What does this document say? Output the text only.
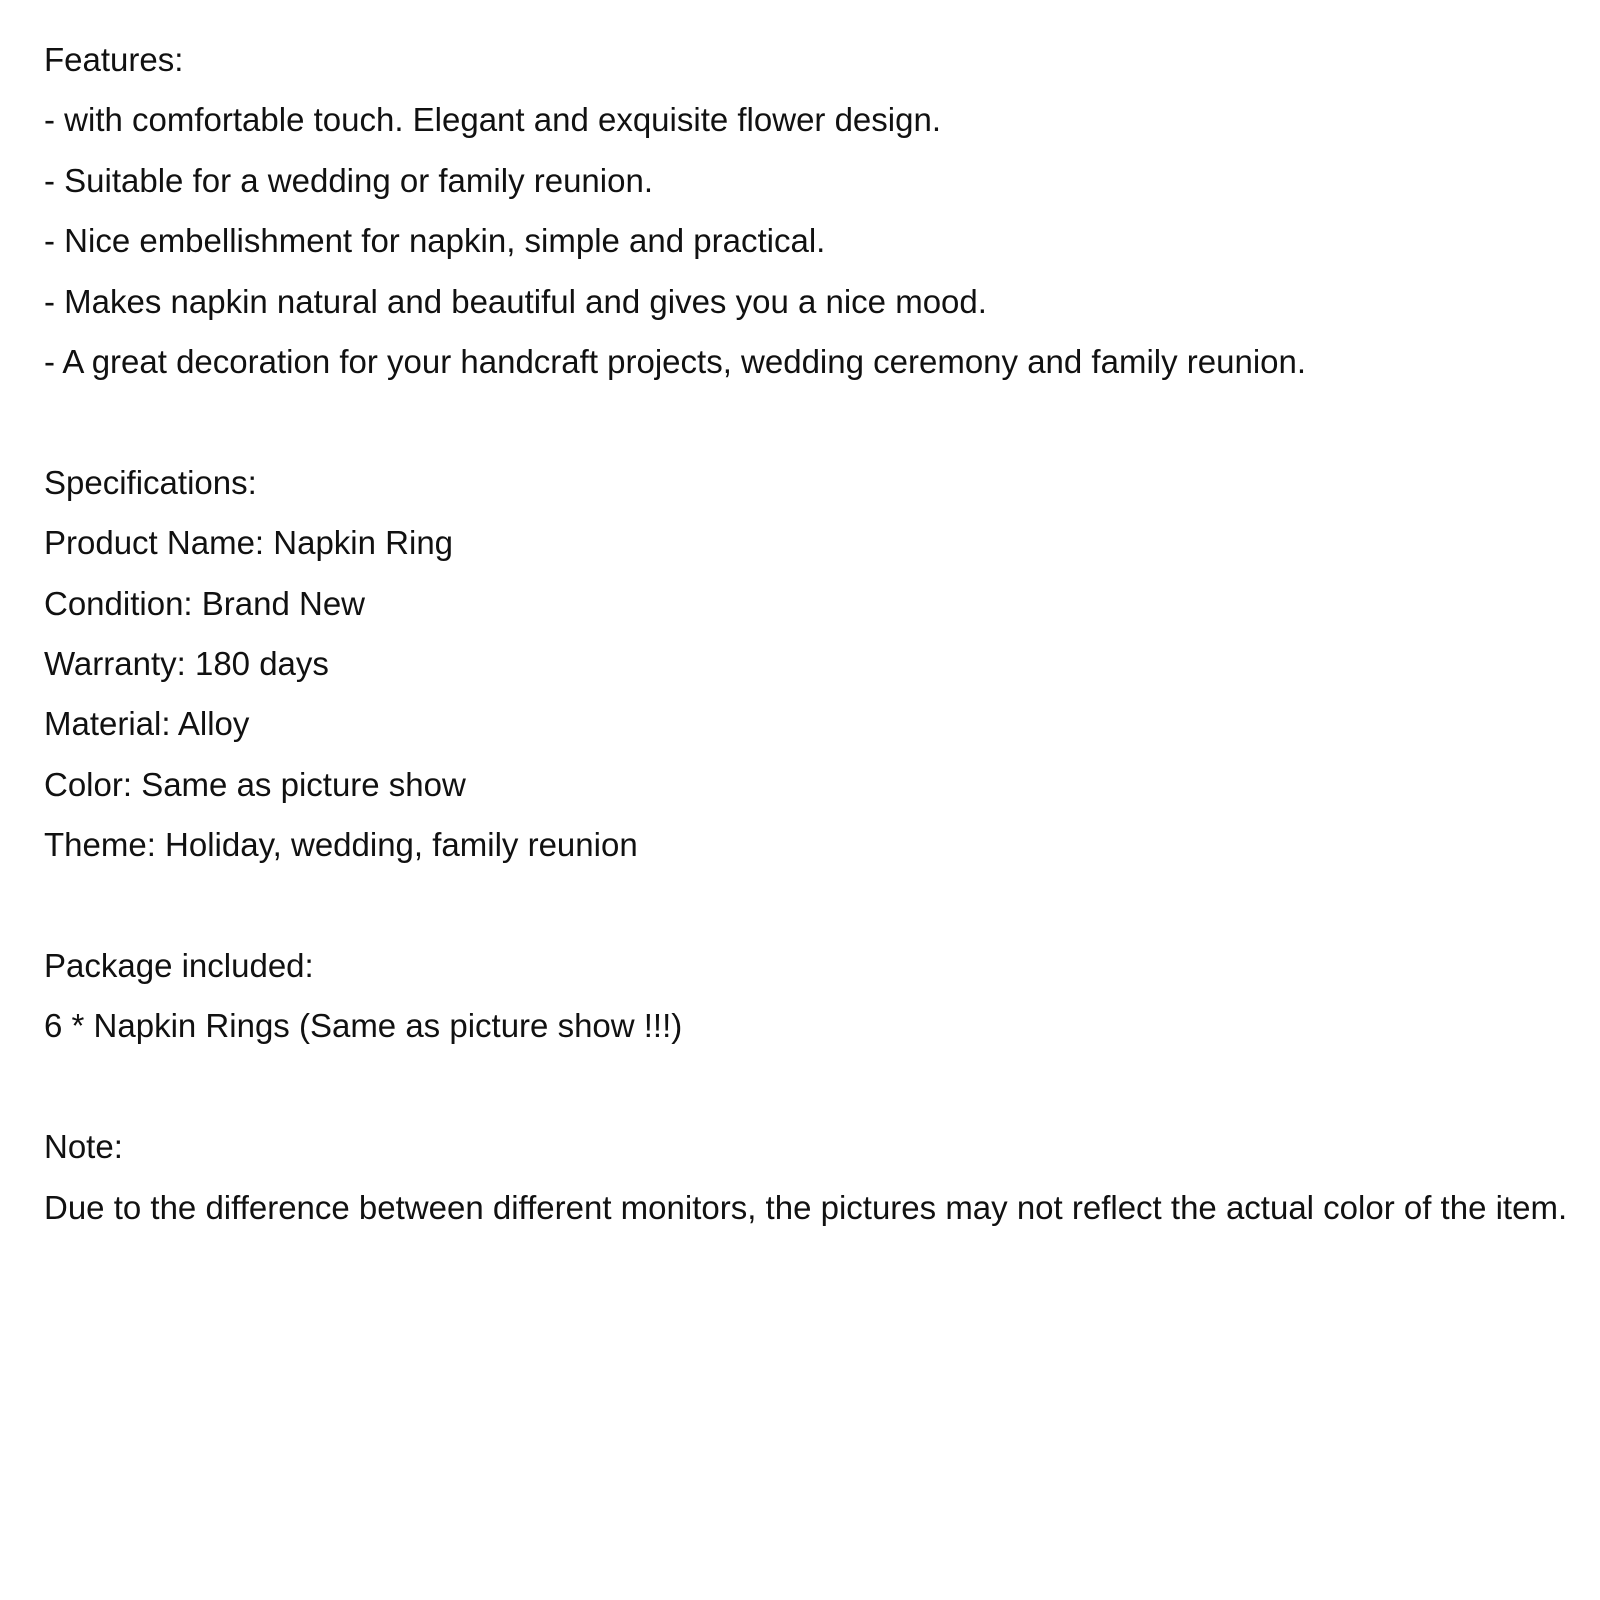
Features:

- with comfortable touch. Elegant and exquisite flower design.

- Suitable for a wedding or family reunion.

- Nice embellishment for napkin, simple and practical.

- Makes napkin natural and beautiful and gives you a nice mood.

- A great decoration for your handcraft projects, wedding ceremony and family reunion.

Specifications:

Product Name: Napkin Ring

Condition: Brand New

Warranty: 180 days

Material: Alloy

Color: Same as picture show

Theme: Holiday, wedding, family reunion

Package included:

6 * Napkin Rings (Same as picture show !!!)

Note:

Due to the difference between different monitors, the pictures may not reflect the actual color of the item.
